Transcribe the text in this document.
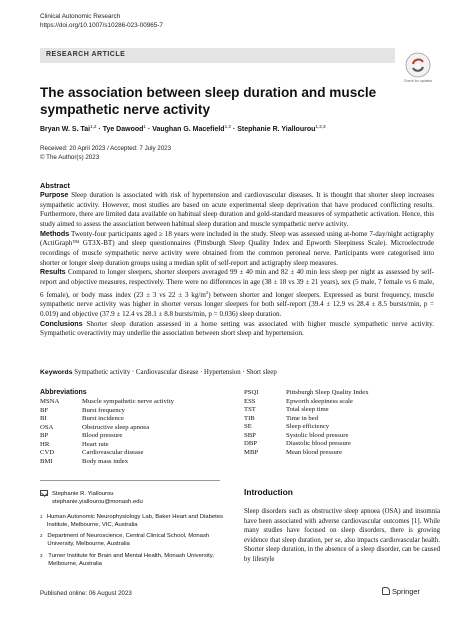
Clinical Autonomic Research
https://doi.org/10.1007/s10286-023-00965-7
RESEARCH ARTICLE
Check for updates
The association between sleep duration and muscle sympathetic nerve activity
Bryan W. S. Tai$^{1,2}$ · Tye Dawood$^1$ · Vaughan G. Macefield$^{1,2}$ · Stephanie R. Yiallourou$^{1,2,3}$
Received: 20 April 2023 / Accepted: 7 July 2023
© The Author(s) 2023
Abstract

Purpose Sleep duration is associated with risk of hypertension and cardiovascular diseases. It is thought that shorter sleep increases sympathetic activity. However, most studies are based on acute experimental sleep deprivation that have produced conflicting results. Furthermore, there are limited data available on habitual sleep duration and gold-standard measures of sympathetic activation. Hence, this study aimed to assess the association between habitual sleep duration and muscle sympathetic nerve activity.

Methods Twenty-four participants aged ≥ 18 years were included in the study. Sleep was assessed using at-home 7-day/night actigraphy (ActiGraph™ GT3X-BT) and sleep questionnaires (Pittsburgh Sleep Quality Index and Epworth Sleepiness Scale). Microelectrode recordings of muscle sympathetic nerve activity were obtained from the common peroneal nerve. Participants were categorised into shorter or longer sleep duration groups using a median split of self-report and actigraphy sleep measures.

Results Compared to longer sleepers, shorter sleepers averaged 99 ± 40 min and 82 ± 40 min less sleep per night as assessed by self-report and objective measures, respectively. There were no differences in age (38 ± 18 vs 39 ± 21 years), sex (5 male, 7 female vs 6 male, 6 female), or body mass index (23 ± 3 vs 22 ± 3 $kg/m^2$) between shorter and longer sleepers. Expressed as burst frequency, muscle sympathetic nerve activity was higher in shorter versus longer sleepers for both self-report (39.4 ± 12.9 vs 28.4 ± 8.5 bursts/min, p = 0.019) and objective (37.9 ± 12.4 vs 28.1 ± 8.8 bursts/min, p = 0.036) sleep duration.

Conclusions Shorter sleep duration assessed in a home setting was associated with higher muscle sympathetic nerve activity. Sympathetic overactivity may underlie the association between short sleep and hypertension.

Keywords Sympathetic activity · Cardiovascular disease · Hypertension · Short sleep
Abbreviations
MSNA	Muscle sympathetic nerve activity
BF	Burst frequency
BI	Burst incidence
OSA	Obstructive sleep apnoea
BP	Blood pressure
HR	Heart rate
CVD	Cardiovascular disease
BMI	Body mass index
PSQI	Pittsburgh Sleep Quality Index
ESS	Epworth sleepiness scale
TST	Total sleep time
TIB	Time in bed
SE	Sleep efficiency
SBP	Systolic blood pressure
DBP	Diastolic blood pressure
MBP	Mean blood pressure
Stephanie R. Yiallourou
stephanie.yiallourou@monash.edu
1 Human Autonomic Neurophysiology Lab, Baker Heart and Diabetes Institute, Melbourne, VIC, Australia
2 Department of Neuroscience, Central Clinical School, Monash University, Melbourne, Australia
3 Turner Institute for Brain and Mental Health, Monash University, Melbourne, Australia
Introduction
Sleep disorders such as obstructive sleep apnoea (OSA) and insomnia have been associated with adverse cardiovascular outcomes [1]. While many studies have focused on sleep disorders, there is growing evidence that sleep duration, per se, also impacts cardiovascular health. Shorter sleep duration, in the absence of a sleep disorder, can be caused by lifestyle
Published online: 06 August 2023	Springer
